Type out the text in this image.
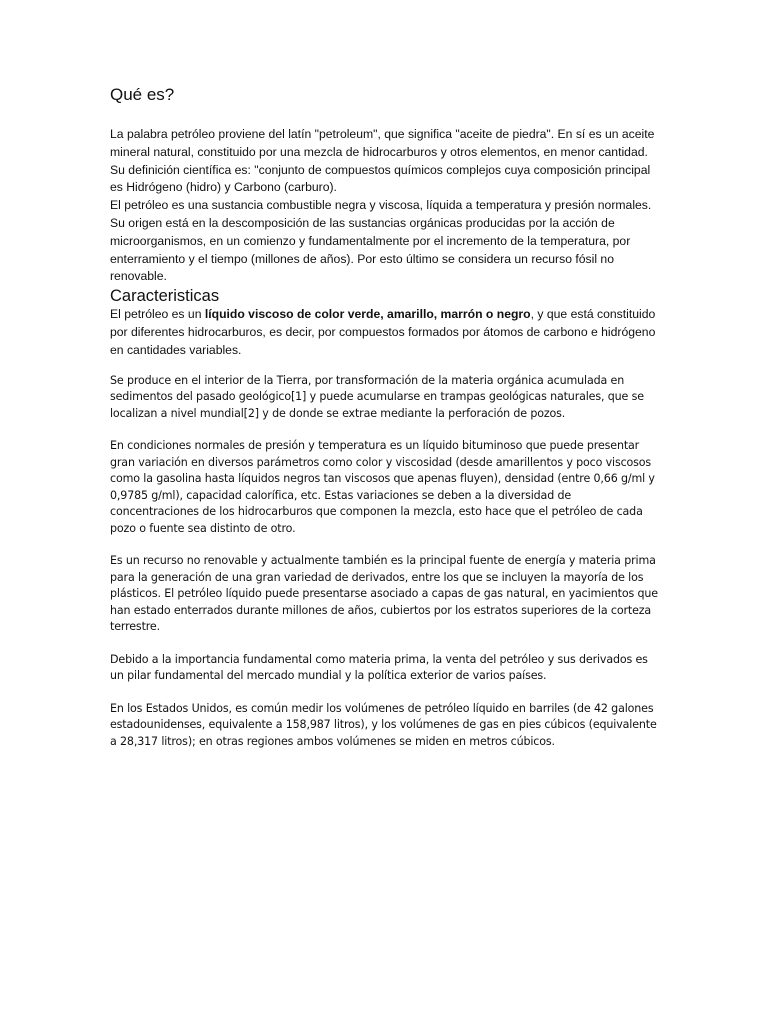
Qué es?

La palabra petróleo proviene del latín "petroleum", que significa "aceite de piedra". En sí es un aceite mineral natural, constituido por una mezcla de hidrocarburos y otros elementos, en menor cantidad.

Su definición científica es: "conjunto de compuestos químicos complejos cuya composición principal es Hidrógeno (hidro) y Carbono (carburo).

El petróleo es una sustancia combustible negra y viscosa, líquida a temperatura y presión normales. Su origen está en la descomposición de las sustancias orgánicas producidas por la acción de microorganismos, en un comienzo y fundamentalmente por el incremento de la temperatura, por enterramiento y el tiempo (millones de años). Por esto último se considera un recurso fósil no renovable.

Caracteristicas

El petróleo es un líquido viscoso de color verde, amarillo, marrón o negro, y que está constituido por diferentes hidrocarburos, es decir, por compuestos formados por átomos de carbono e hidrógeno en cantidades variables.

Se produce en el interior de la Tierra, por transformación de la materia orgánica acumulada en sedimentos del pasado geológico[1] y puede acumularse en trampas geológicas naturales, que se localizan a nivel mundial[2] y de donde se extrae mediante la perforación de pozos.

En condiciones normales de presión y temperatura es un líquido bituminoso que puede presentar gran variación en diversos parámetros como color y viscosidad (desde amarillentos y poco viscosos como la gasolina hasta líquidos negros tan viscosos que apenas fluyen), densidad (entre 0,66 g/ml y 0,9785 g/ml), capacidad calorífica, etc. Estas variaciones se deben a la diversidad de concentraciones de los hidrocarburos que componen la mezcla, esto hace que el petróleo de cada pozo o fuente sea distinto de otro.

Es un recurso no renovable y actualmente también es la principal fuente de energía y materia prima para la generación de una gran variedad de derivados, entre los que se incluyen la mayoría de los plásticos. El petróleo líquido puede presentarse asociado a capas de gas natural, en yacimientos que han estado enterrados durante millones de años, cubiertos por los estratos superiores de la corteza terrestre.

Debido a la importancia fundamental como materia prima, la venta del petróleo y sus derivados es un pilar fundamental del mercado mundial y la política exterior de varios países.

En los Estados Unidos, es común medir los volúmenes de petróleo líquido en barriles (de 42 galones estadounidenses, equivalente a 158,987 litros), y los volúmenes de gas en pies cúbicos (equivalente a 28,317 litros); en otras regiones ambos volúmenes se miden en metros cúbicos.
